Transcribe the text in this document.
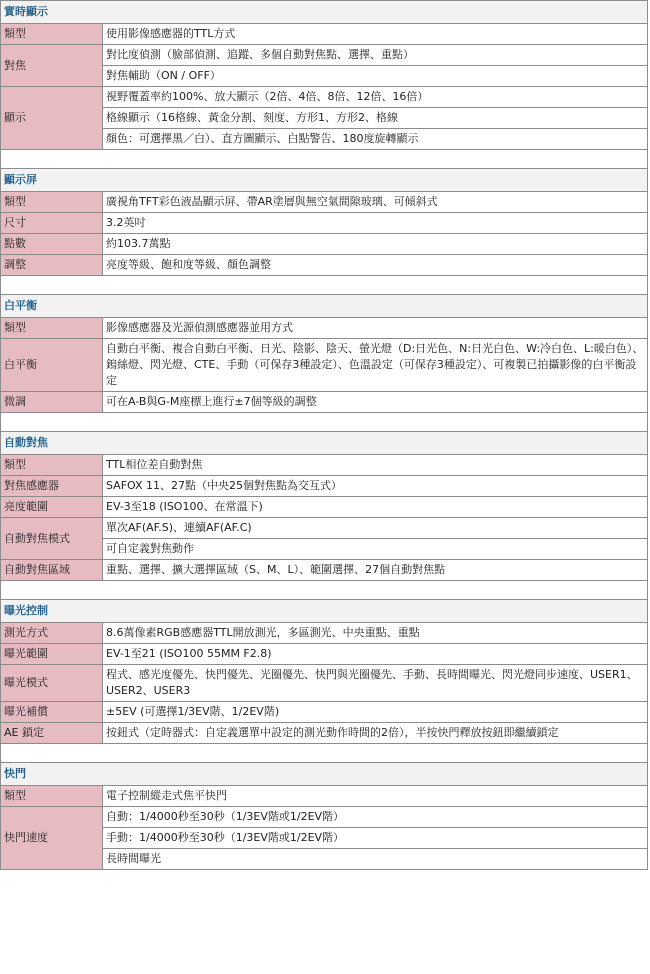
實時顯示	
類型	使用影像感應器的TTL方式
對焦	對比度偵測（臉部偵測、追蹤、多個自動對焦點、選擇、重點）
	對焦輔助（ON / OFF）
顯示	視野覆蓋率約100%、放大顯示（2倍、4倍、8倍、12倍、16倍）
	格線顯示（16格線、黃金分割、刻度、方形1、方形2、格線
	顏色：可選擇黑／白）、直方圖顯示、白點警告、180度旋轉顯示

顯示屏	
類型	廣視角TFT彩色液晶顯示屏、帶AR塗層與無空氣間隙玻璃、可傾斜式
尺寸	3.2英吋
點數	約103.7萬點
調整	亮度等級、飽和度等級、顏色調整

白平衡	
類型	影像感應器及光源偵測感應器並用方式
白平衡	自動白平衡、複合自動白平衡、日光、陰影、陰天、螢光燈（D:日光色、N:日光白色、W:冷白色、L:暖白色）、鎢絲燈、閃光燈、CTE、手動（可保存3種設定）、色溫設定（可保存3種設定）、可複製已拍攝影像的白平衡設定
微調	可在A-B與G-M座標上進行±7個等級的調整

自動對焦	
類型	TTL相位差自動對焦
對焦感應器	SAFOX 11、27點（中央25個對焦點為交互式）
亮度範圍	EV-3至18 (ISO100、在常溫下)
自動對焦模式	單次AF(AF.S)、連續AF(AF.C)
	可自定義對焦動作
自動對焦區域	重點、選擇、擴大選擇區域（S、M、L）、範圍選擇、27個自動對焦點

曝光控制	
測光方式	8.6萬像素RGB感應器TTL開放測光，多區測光、中央重點、重點
曝光範圍	EV-1至21 (ISO100 55MM F2.8)
曝光模式	程式、感光度優先、快門優先、光圈優先、快門與光圈優先、手動、長時間曝光、閃光燈同步速度、USER1、USER2、USER3
曝光補償	±5EV (可選擇1/3EV階、1/2EV階)
AE 鎖定	按鈕式（定時器式：自定義選單中設定的測光動作時間的2倍），半按快門釋放按鈕即繼續鎖定

快門	
類型	電子控制縱走式焦平快門
快門速度	自動：1/4000秒至30秒（1/3EV階或1/2EV階）
	手動：1/4000秒至30秒（1/3EV階或1/2EV階）
	長時間曝光
